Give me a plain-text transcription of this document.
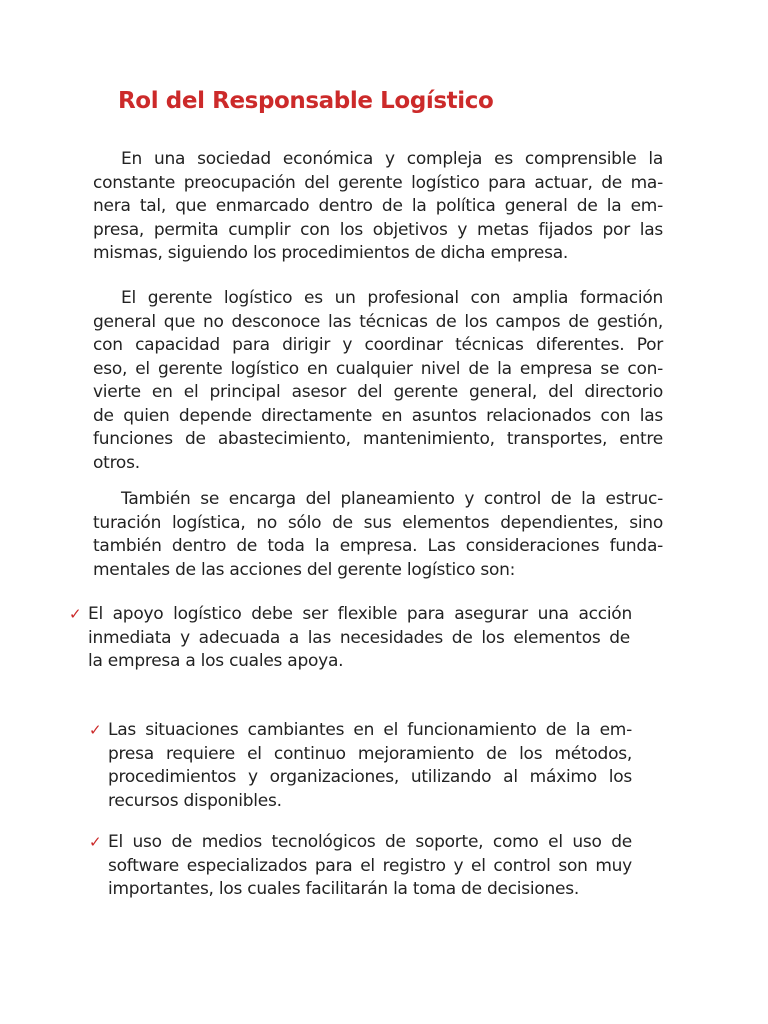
Rol del Responsable Logístico
En una sociedad económica y compleja es comprensible la
constante preocupación del gerente logístico para actuar, de ma-
nera tal, que enmarcado dentro de la política general de la em-
presa, permita cumplir con los objetivos y metas fijados por las
mismas, siguiendo los procedimientos de dicha empresa.
El gerente logístico es un profesional con amplia formación
general que no desconoce las técnicas de los campos de gestión,
con capacidad para dirigir y coordinar técnicas diferentes. Por
eso, el gerente logístico en cualquier nivel de la empresa se con-
vierte en el principal asesor del gerente general, del directorio
de quien depende directamente en asuntos relacionados con las
funciones de abastecimiento, mantenimiento, transportes, entre
otros.
También se encarga del planeamiento y control de la estruc-
turación logística, no sólo de sus elementos dependientes, sino
también dentro de toda la empresa. Las consideraciones funda-
mentales de las acciones del gerente logístico son:
✓ El apoyo logístico debe ser flexible para asegurar una acción
inmediata y adecuada a las necesidades de los elementos de
la empresa a los cuales apoya.
✓ Las situaciones cambiantes en el funcionamiento de la em-
presa requiere el continuo mejoramiento de los métodos,
procedimientos y organizaciones, utilizando al máximo los
recursos disponibles.
✓ El uso de medios tecnológicos de soporte, como el uso de
software especializados para el registro y el control son muy
importantes, los cuales facilitarán la toma de decisiones.
